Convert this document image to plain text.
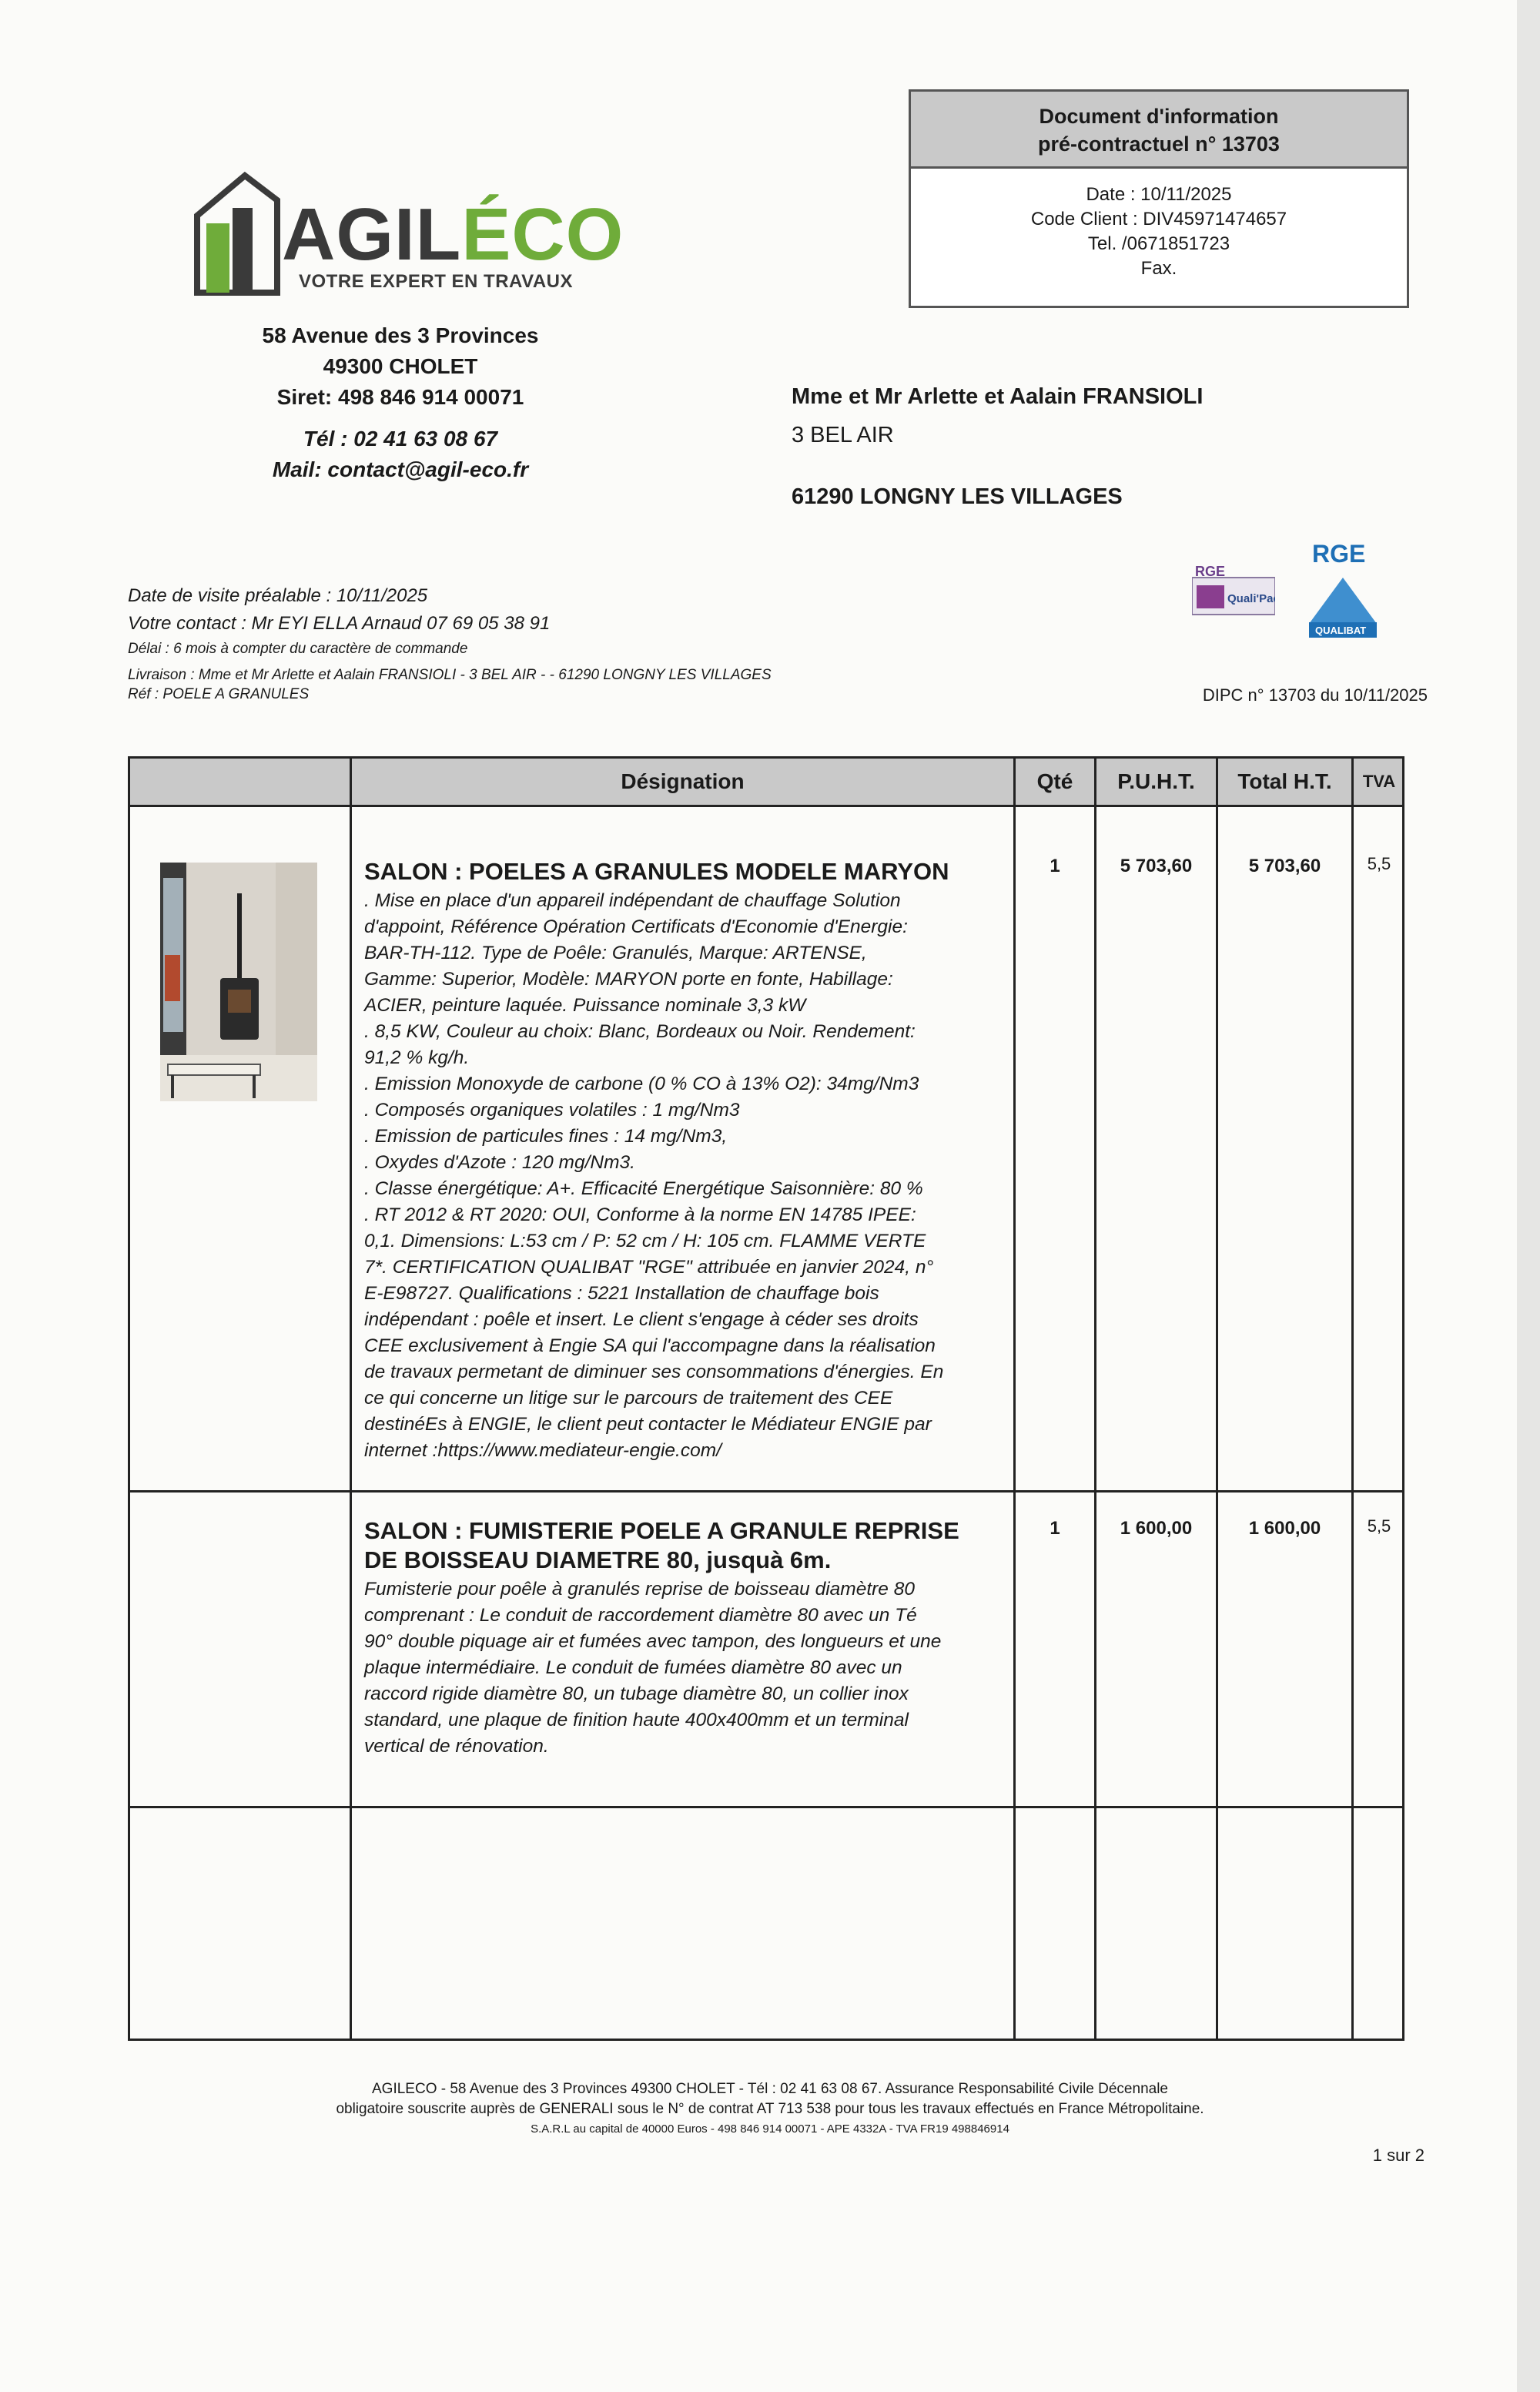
Document d'information
pré-contractuel n° 13703
Date : 10/11/2025
Code Client : DIV45971474657
Tel. /0671851723
Fax.
AGILÉCO
VOTRE EXPERT EN TRAVAUX
58 Avenue des 3 Provinces
49300 CHOLET
Siret: 498 846 914 00071
Tél : 02 41 63 08 67
Mail: contact@agil-eco.fr
Mme et Mr Arlette et Aalain FRANSIOLI
3 BEL AIR
61290 LONGNY LES VILLAGES
RGE
Quali'Pac
RGE
QUALIBAT
Date de visite préalable : 10/11/2025
Votre contact : Mr EYI ELLA Arnaud 07 69 05 38 91
Délai : 6 mois à compter du caractère de commande
Livraison : Mme et Mr Arlette et Aalain FRANSIOLI - 3 BEL AIR - - 61290 LONGNY LES VILLAGES
Réf : POELE A GRANULES	DIPC n° 13703 du 10/11/2025
Désignation	Qté	P.U.H.T.	Total H.T.	TVA
SALON : POELES A GRANULES MODELE MARYON
. Mise en place d'un appareil indépendant de chauffage Solution
d'appoint, Référence Opération Certificats d'Economie d'Energie:
BAR-TH-112. Type de Poêle: Granulés, Marque: ARTENSE,
Gamme: Superior, Modèle: MARYON porte en fonte, Habillage:
ACIER, peinture laquée. Puissance nominale 3,3 kW
. 8,5 KW, Couleur au choix: Blanc, Bordeaux ou Noir. Rendement:
91,2 % kg/h.
. Emission Monoxyde de carbone (0 % CO à 13% O2): 34mg/Nm3
. Composés organiques volatiles : 1 mg/Nm3
. Emission de particules fines : 14 mg/Nm3,
. Oxydes d'Azote : 120 mg/Nm3.
. Classe énergétique: A+. Efficacité Energétique Saisonnière: 80 %
. RT 2012 & RT 2020: OUI, Conforme à la norme EN 14785 IPEE:
0,1. Dimensions: L:53 cm / P: 52 cm / H: 105 cm. FLAMME VERTE
7*. CERTIFICATION QUALIBAT "RGE" attribuée en janvier 2024, n°
E-E98727. Qualifications : 5221 Installation de chauffage bois
indépendant : poêle et insert. Le client s'engage à céder ses droits
CEE exclusivement à Engie SA qui l'accompagne dans la réalisation
de travaux permetant de diminuer ses consommations d'énergies. En
ce qui concerne un litige sur le parcours de traitement des CEE
destinéEs à ENGIE, le client peut contacter le Médiateur ENGIE par
internet :https://www.mediateur-engie.com/
1	5 703,60	5 703,60	5,5
SALON : FUMISTERIE POELE A GRANULE REPRISE
DE BOISSEAU DIAMETRE 80, jusquà 6m.
Fumisterie pour poêle à granulés reprise de boisseau diamètre 80
comprenant : Le conduit de raccordement diamètre 80 avec un Té
90° double piquage air et fumées avec tampon, des longueurs et une
plaque intermédiaire. Le conduit de fumées diamètre 80 avec un
raccord rigide diamètre 80, un tubage diamètre 80, un collier inox
standard, une plaque de finition haute 400x400mm et un terminal
vertical de rénovation.
1	1 600,00	1 600,00	5,5
AGILECO - 58 Avenue des 3 Provinces 49300 CHOLET - Tél : 02 41 63 08 67. Assurance Responsabilité Civile Décennale
obligatoire souscrite auprès de GENERALI sous le N° de contrat AT 713 538 pour tous les travaux effectués en France Métropolitaine.
S.A.R.L au capital de 40000 Euros - 498 846 914 00071 - APE 4332A - TVA FR19 498846914
1 sur 2
